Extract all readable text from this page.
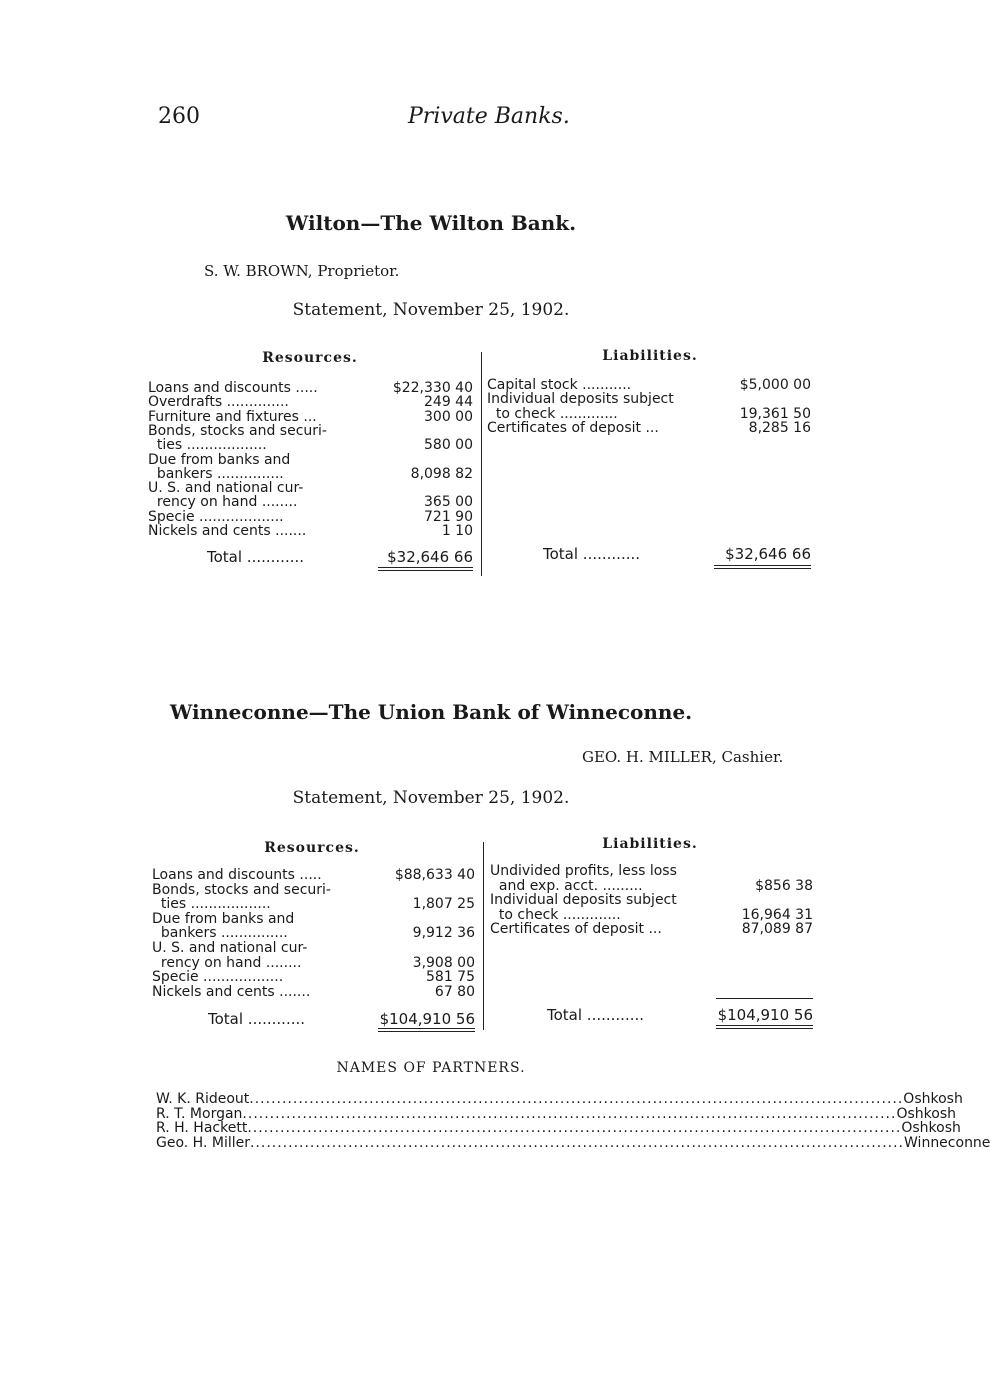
260	Private Banks.
Wilton—The Wilton Bank.
S. W. BROWN, Proprietor.
Statement, November 25, 1902.
Resources.	Liabilities.
Loans and discounts .....	$22,330 40
Overdrafts ..............	249 44
Furniture and fixtures ...	300 00
Bonds, stocks and securi-
ties ..................	580 00
Due from banks and
bankers ...............	8,098 82
U. S. and national cur-
rency on hand ........	365 00
Specie ...................	721 90
Nickels and cents .......	1 10
Capital stock ...........	$5,000 00
Individual deposits subject
to check .............	19,361 50
Certificates of deposit ...	8,285 16
Total ............	$32,646 66	Total ............	$32,646 66
Winneconne—The Union Bank of Winneconne.
GEO. H. MILLER, Cashier.
Statement, November 25, 1902.
Resources.	Liabilities.
Loans and discounts .....	$88,633 40
Bonds, stocks and securi-
ties ..................	1,807 25
Due from banks and
bankers ...............	9,912 36
U. S. and national cur-
rency on hand ........	3,908 00
Specie ..................	581 75
Nickels and cents .......	67 80
Undivided profits, less loss
and exp. acct. .........	$856 38
Individual deposits subject
to check .............	16,964 31
Certificates of deposit ...	87,089 87
Total ............	$104,910 56	Total ............	$104,910 56
NAMES OF PARTNERS.
W. K. Rideout ........................................................................................................................ Oshkosh
R. T. Morgan ........................................................................................................................ Oshkosh
R. H. Hackett ........................................................................................................................ Oshkosh
Geo. H. Miller ........................................................................................................................ Winneconne
